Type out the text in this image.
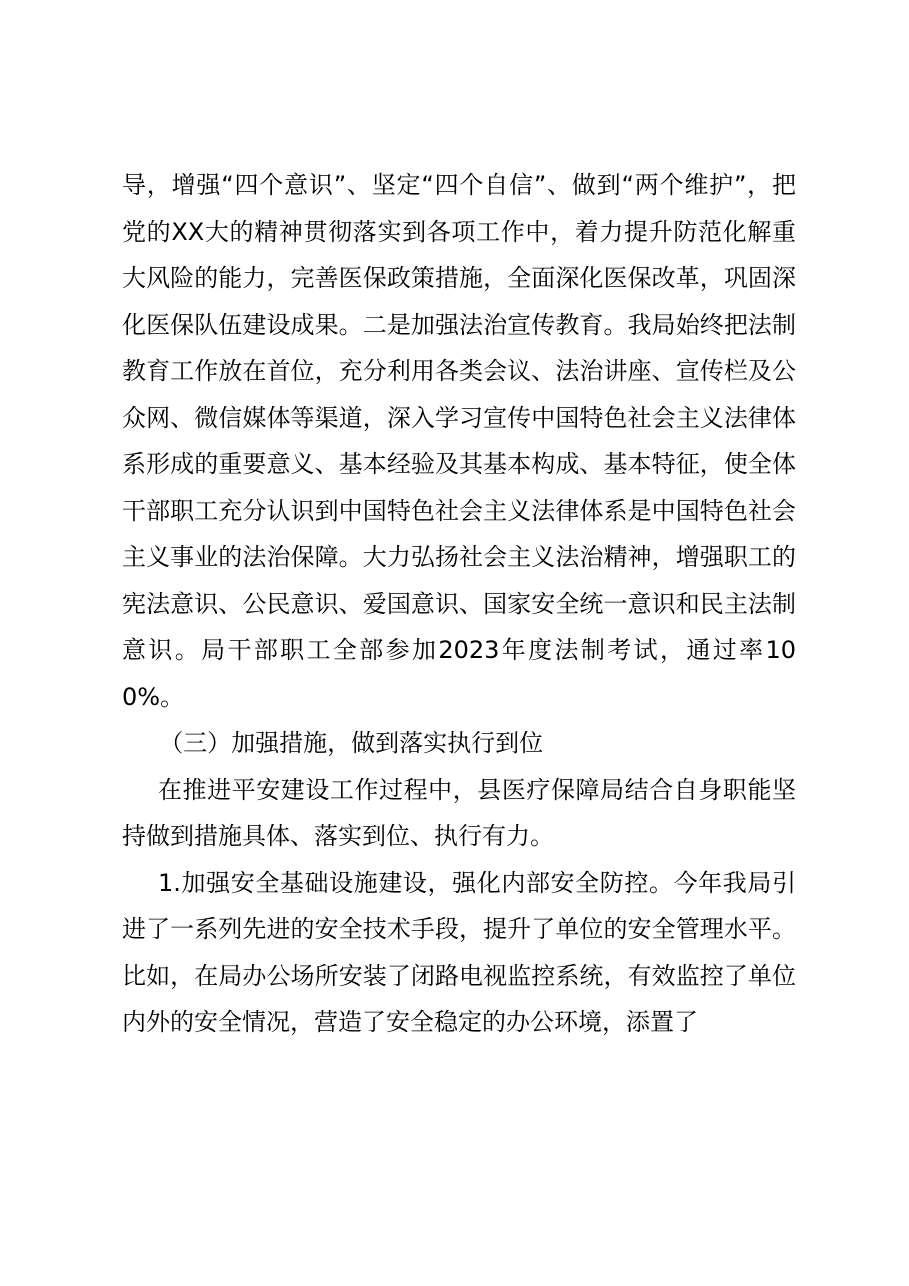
导，增强“四个意识”、坚定“四个自信”、做到“两个维护”，把党的XX大的精神贯彻落实到各项工作中，着力提升防范化解重大风险的能力，完善医保政策措施，全面深化医保改革，巩固深化医保队伍建设成果。二是加强法治宣传教育。我局始终把法制教育工作放在首位，充分利用各类会议、法治讲座、宣传栏及公众网、微信媒体等渠道，深入学习宣传中国特色社会主义法律体系形成的重要意义、基本经验及其基本构成、基本特征，使全体干部职工充分认识到中国特色社会主义法律体系是中国特色社会主义事业的法治保障。大力弘扬社会主义法治精神，增强职工的宪法意识、公民意识、爱国意识、国家安全统一意识和民主法制意识。局干部职工全部参加2023年度法制考试，通过率100%。

（三）加强措施，做到落实执行到位

在推进平安建设工作过程中，县医疗保障局结合自身职能坚持做到措施具体、落实到位、执行有力。

1.加强安全基础设施建设，强化内部安全防控。今年我局引进了一系列先进的安全技术手段，提升了单位的安全管理水平。比如，在局办公场所安装了闭路电视监控系统，有效监控了单位内外的安全情况，营造了安全稳定的办公环境，添置了
